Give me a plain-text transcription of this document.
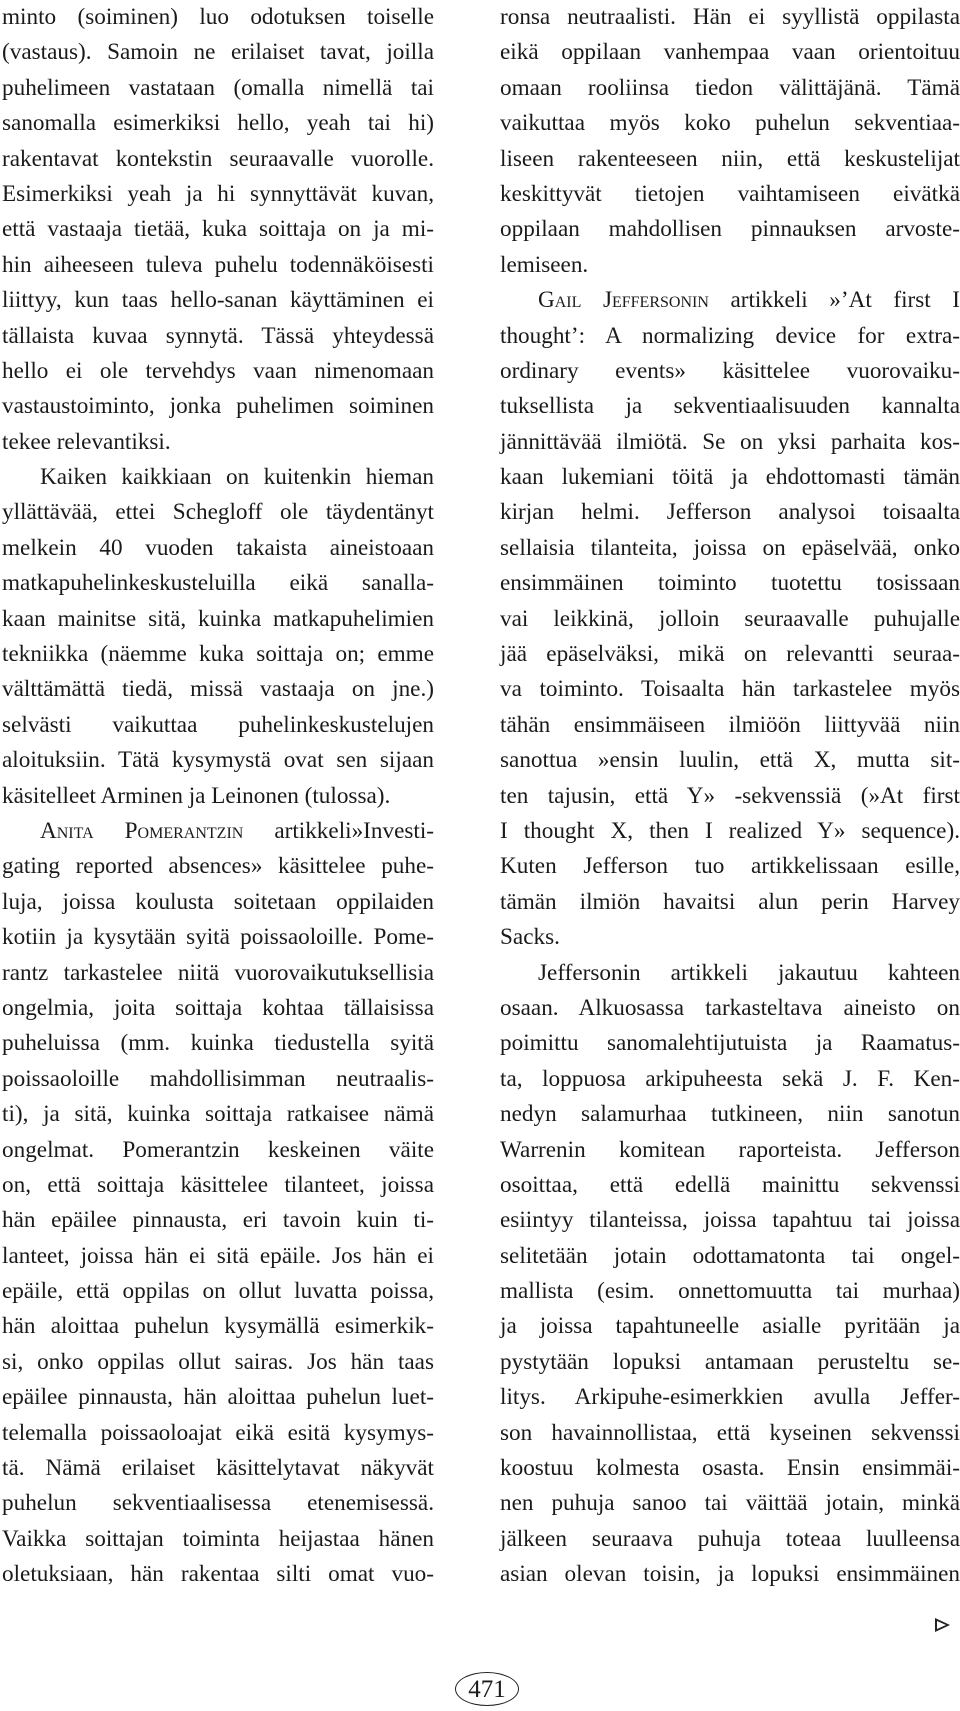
minto (soiminen) luo odotuksen toiselle
(vastaus). Samoin ne erilaiset tavat, joilla
puhelimeen vastataan (omalla nimellä tai
sanomalla esimerkiksi hello, yeah tai hi)
rakentavat kontekstin seuraavalle vuorolle.
Esimerkiksi yeah ja hi synnyttävät kuvan,
että vastaaja tietää, kuka soittaja on ja mi-
hin aiheeseen tuleva puhelu todennäköisesti
liittyy, kun taas hello-sanan käyttäminen ei
tällaista kuvaa synnytä. Tässä yhteydessä
hello ei ole tervehdys vaan nimenomaan
vastaustoiminto, jonka puhelimen soiminen
tekee relevantiksi.
Kaiken kaikkiaan on kuitenkin hieman
yllättävää, ettei Schegloff ole täydentänyt
melkein 40 vuoden takaista aineistoaan
matkapuhelinkeskusteluilla eikä sanalla-
kaan mainitse sitä, kuinka matkapuhelimien
tekniikka (näemme kuka soittaja on; emme
välttämättä tiedä, missä vastaaja on jne.)
selvästi vaikuttaa puhelinkeskustelujen
aloituksiin. Tätä kysymystä ovat sen sijaan
käsitelleet Arminen ja Leinonen (tulossa).
Anita Pomerantzin artikkeli»Investi-
gating reported absences» käsittelee puhe-
luja, joissa koulusta soitetaan oppilaiden
kotiin ja kysytään syitä poissaoloille. Pome-
rantz tarkastelee niitä vuorovaikutuksellisia
ongelmia, joita soittaja kohtaa tällaisissa
puheluissa (mm. kuinka tiedustella syitä
poissaoloille mahdollisimman neutraalis-
ti), ja sitä, kuinka soittaja ratkaisee nämä
ongelmat. Pomerantzin keskeinen väite
on, että soittaja käsittelee tilanteet, joissa
hän epäilee pinnausta, eri tavoin kuin ti-
lanteet, joissa hän ei sitä epäile. Jos hän ei
epäile, että oppilas on ollut luvatta poissa,
hän aloittaa puhelun kysymällä esimerkik-
si, onko oppilas ollut sairas. Jos hän taas
epäilee pinnausta, hän aloittaa puhelun luet-
telemalla poissaoloajat eikä esitä kysymys-
tä. Nämä erilaiset käsittelytavat näkyvät
puhelun sekventiaalisessa etenemisessä.
Vaikka soittajan toiminta heijastaa hänen
oletuksiaan, hän rakentaa silti omat vuo-
ronsa neutraalisti. Hän ei syyllistä oppilasta
eikä oppilaan vanhempaa vaan orientoituu
omaan rooliinsa tiedon välittäjänä. Tämä
vaikuttaa myös koko puhelun sekventiaa-
liseen rakenteeseen niin, että keskustelijat
keskittyvät tietojen vaihtamiseen eivätkä
oppilaan mahdollisen pinnauksen arvoste-
lemiseen.
Gail Jeffersonin artikkeli »’At first I
thought’: A normalizing device for extra-
ordinary events» käsittelee vuorovaiku-
tuksellista ja sekventiaalisuuden kannalta
jännittävää ilmiötä. Se on yksi parhaita kos-
kaan lukemiani töitä ja ehdottomasti tämän
kirjan helmi. Jefferson analysoi toisaalta
sellaisia tilanteita, joissa on epäselvää, onko
ensimmäinen toiminto tuotettu tosissaan
vai leikkinä, jolloin seuraavalle puhujalle
jää epäselväksi, mikä on relevantti seuraa-
va toiminto. Toisaalta hän tarkastelee myös
tähän ensimmäiseen ilmiöön liittyvää niin
sanottua »ensin luulin, että X, mutta sit-
ten tajusin, että Y» -sekvenssiä (»At first
I thought X, then I realized Y» sequence).
Kuten Jefferson tuo artikkelissaan esille,
tämän ilmiön havaitsi alun perin Harvey
Sacks.
Jeffersonin artikkeli jakautuu kahteen
osaan. Alkuosassa tarkasteltava aineisto on
poimittu sanomalehtijutuista ja Raamatus-
ta, loppuosa arkipuheesta sekä J. F. Ken-
nedyn salamurhaa tutkineen, niin sanotun
Warrenin komitean raporteista. Jefferson
osoittaa, että edellä mainittu sekvenssi
esiintyy tilanteissa, joissa tapahtuu tai joissa
selitetään jotain odottamatonta tai ongel-
mallista (esim. onnettomuutta tai murhaa)
ja joissa tapahtuneelle asialle pyritään ja
pystytään lopuksi antamaan perusteltu se-
litys. Arkipuhe-esimerkkien avulla Jeffer-
son havainnollistaa, että kyseinen sekvenssi
koostuu kolmesta osasta. Ensin ensimmäi-
nen puhuja sanoo tai väittää jotain, minkä
jälkeen seuraava puhuja toteaa luulleensa
asian olevan toisin, ja lopuksi ensimmäinen
471
